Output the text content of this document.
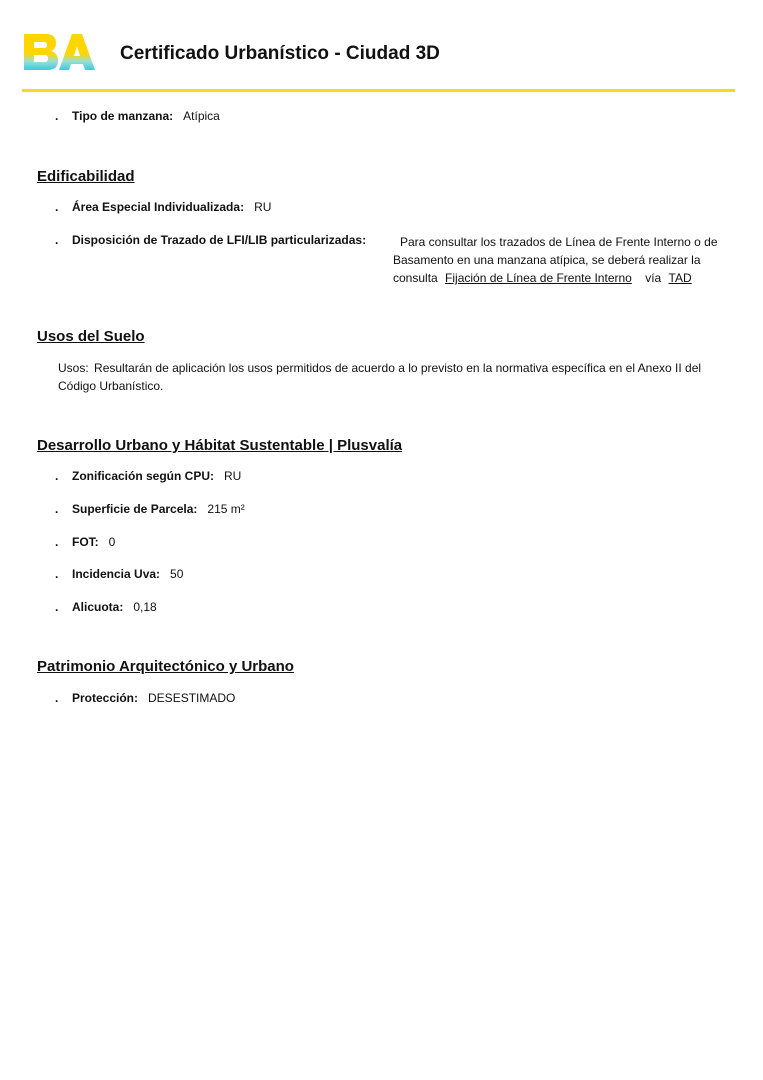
Certificado Urbanístico - Ciudad 3D
. Tipo de manzana: Atípica
Edificabilidad
. Área Especial Individualizada: RU
. Disposición de Trazado de LFI/LIB particularizadas:	Para consultar los trazados de Línea de Frente Interno o de Basamento en una manzana atípica, se deberá realizar la consulta Fijación de Línea de Frente Interno vía TAD
Usos del Suelo
Usos: Resultarán de aplicación los usos permitidos de acuerdo a lo previsto en la normativa específica en el Anexo II del Código Urbanístico.
Desarrollo Urbano y Hábitat Sustentable | Plusvalía
. Zonificación según CPU: RU
. Superficie de Parcela: 215 m²
. FOT: 0
. Incidencia Uva: 50
. Alicuota: 0,18
Patrimonio Arquitectónico y Urbano
. Protección: DESESTIMADO
